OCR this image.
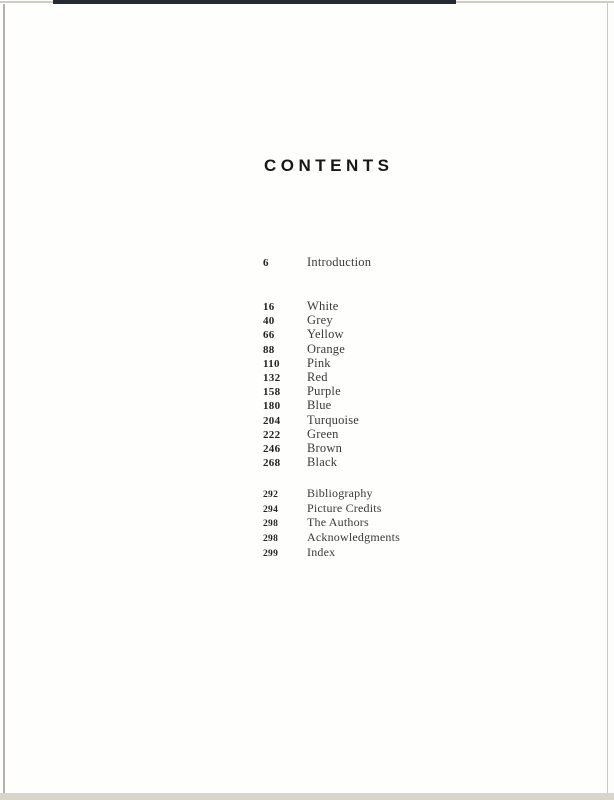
CONTENTS
6	Introduction
16	White
40	Grey
66	Yellow
88	Orange
110	Pink
132	Red
158	Purple
180	Blue
204	Turquoise
222	Green
246	Brown
268	Black
292	Bibliography
294	Picture Credits
298	The Authors
298	Acknowledgments
299	Index
